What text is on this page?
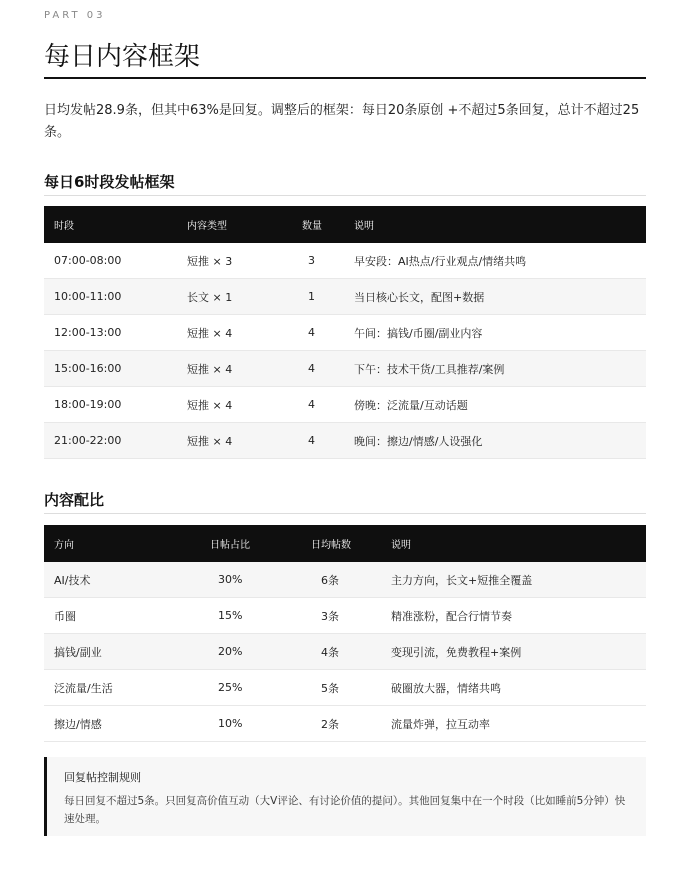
PART 03
每日内容框架

日均发帖28.9条，但其中63%是回复。调整后的框架：每日20条原创 +不超过5条回复，总计不超过25条。

每日6时段发帖框架
时段	内容类型	数量	说明
07:00-08:00	短推 × 3	3	早安段：AI热点/行业观点/情绪共鸣
10:00-11:00	长文 × 1	1	当日核心长文，配图+数据
12:00-13:00	短推 × 4	4	午间：搞钱/币圈/副业内容
15:00-16:00	短推 × 4	4	下午：技术干货/工具推荐/案例
18:00-19:00	短推 × 4	4	傍晚：泛流量/互动话题
21:00-22:00	短推 × 4	4	晚间：擦边/情感/人设强化
内容配比
方向	日帖占比	日均帖数	说明
AI/技术	30%	6条	主力方向，长文+短推全覆盖
币圈	15%	3条	精准涨粉，配合行情节奏
搞钱/副业	20%	4条	变现引流，免费教程+案例
泛流量/生活	25%	5条	破圈放大器，情绪共鸣
擦边/情感	10%	2条	流量炸弹，拉互动率
回复帖控制规则
每日回复不超过5条。只回复高价值互动（大V评论、有讨论价值的提问）。其他回复集中在一个时段（比如睡前5分钟）快速处理。
